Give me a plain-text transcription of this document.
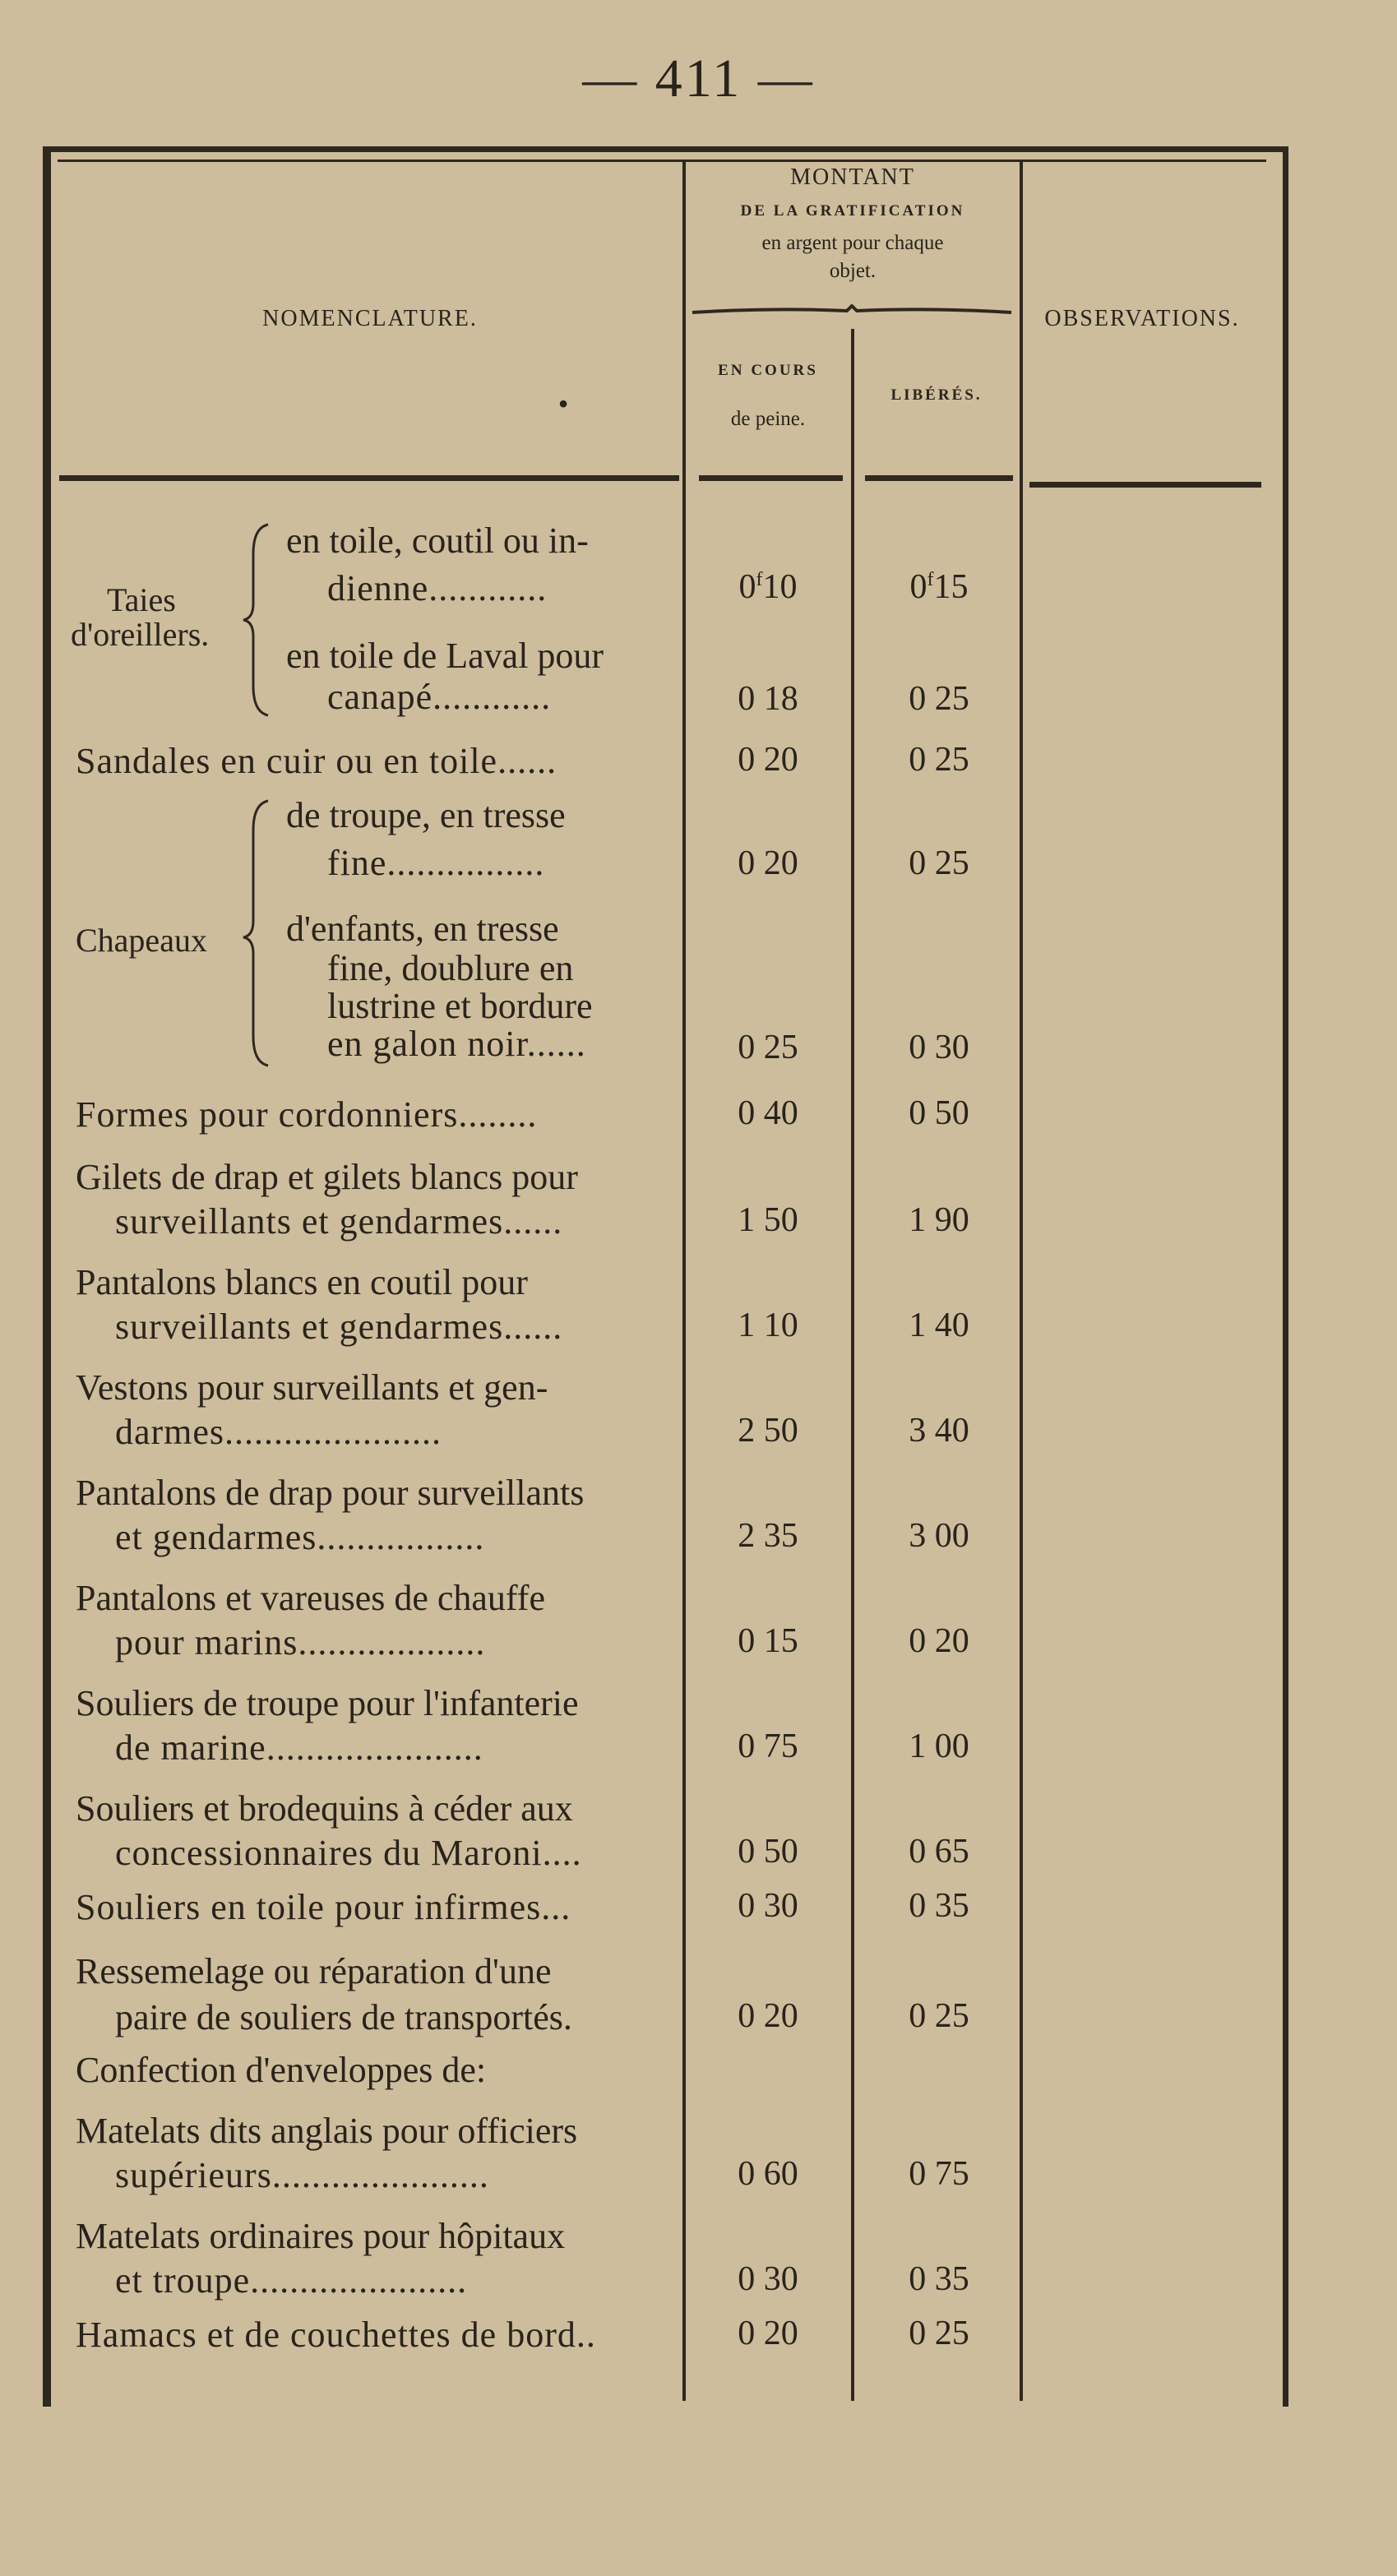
— 411 —
NOMENCLATURE.
•
MONTANT
DE LA GRATIFICATION
en argent pour chaque
objet.
OBSERVATIONS.
EN COURS
de peine.
LIBÉRÉS.
Taies
d'oreillers.
en toile, coutil ou in-
dienne............	0$^f$10	0$^f$15
en toile de Laval pour
canapé............	0 18	0 25
Sandales en cuir ou en toile......	0 20	0 25
Chapeaux
de troupe, en tresse
fine................	0 20	0 25
d'enfants, en tresse
fine, doublure en
lustrine et bordure
en galon noir......	0 25	0 30
Formes pour cordonniers........	0 40	0 50
Gilets de drap et gilets blancs pour
surveillants et gendarmes......	1 50	1 90
Pantalons blancs en coutil pour
surveillants et gendarmes......	1 10	1 40
Vestons pour surveillants et gen-
darmes......................	2 50	3 40
Pantalons de drap pour surveillants
et gendarmes.................	2 35	3 00
Pantalons et vareuses de chauffe
pour marins...................	0 15	0 20
Souliers de troupe pour l'infanterie
de marine......................	0 75	1 00
Souliers et brodequins à céder aux
concessionnaires du Maroni....	0 50	0 65
Souliers en toile pour infirmes...	0 30	0 35
Ressemelage ou réparation d'une
paire de souliers de transportés.	0 20	0 25
Confection d'enveloppes de:
Matelats dits anglais pour officiers
supérieurs......................	0 60	0 75
Matelats ordinaires pour hôpitaux
et troupe......................	0 30	0 35
Hamacs et de couchettes de bord..	0 20	0 25
